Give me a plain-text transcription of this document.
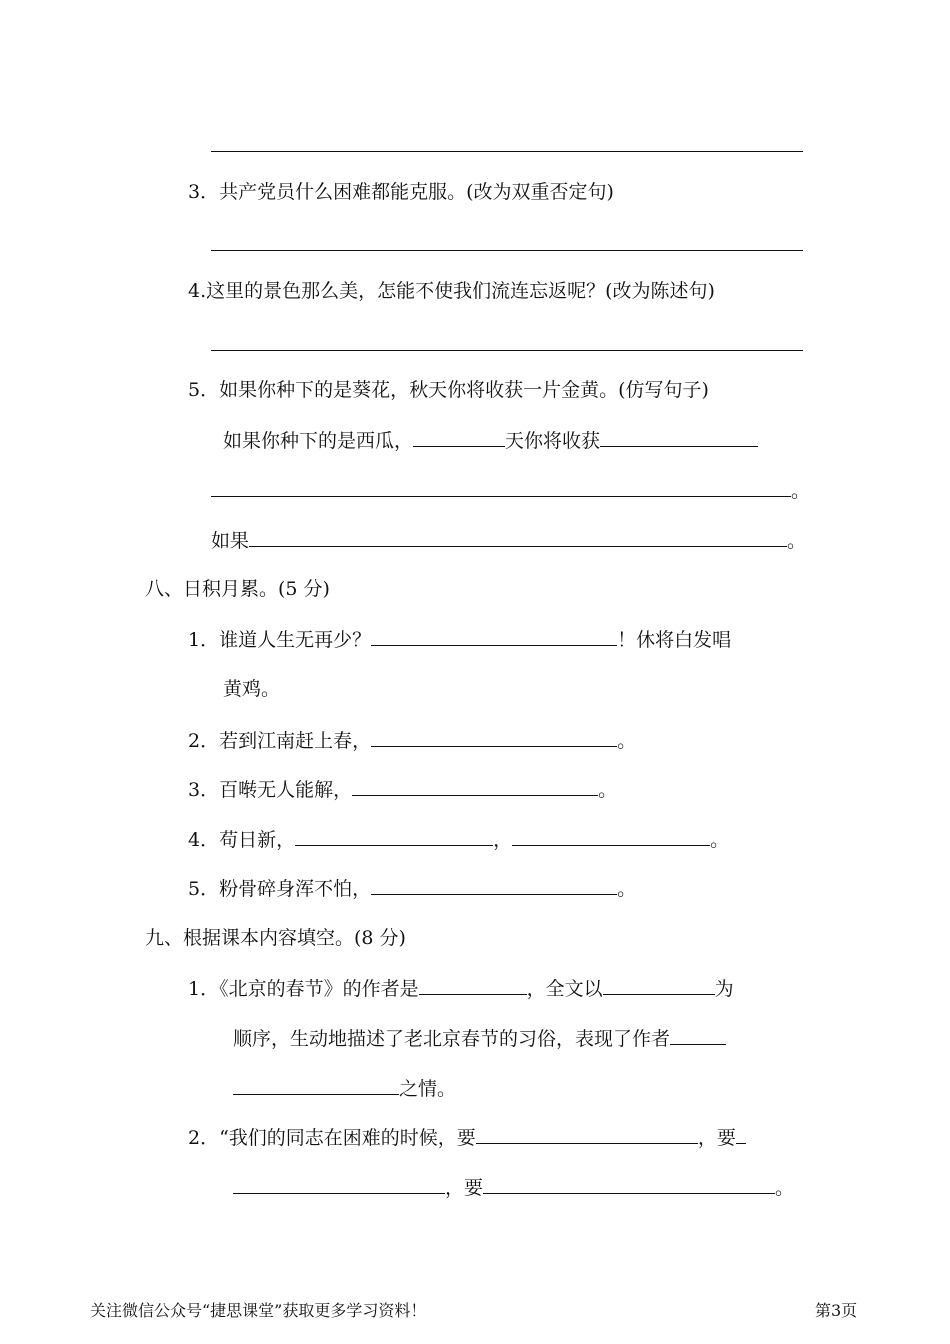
3．共产党员什么困难都能克服。(改为双重否定句)
4.这里的景色那么美，怎能不使我们流连忘返呢？(改为陈述句)
5．如果你种下的是葵花，秋天你将收获一片金黄。(仿写句子)
如果你种下的是西瓜，	天你将收获
。
如果	。
八、日积月累。(5 分)
1．谁道人生无再少？	！休将白发唱
黄鸡。
2．若到江南赶上春，	。
3．百啭无人能解，	。
4．苟日新，	，	。
5．粉骨碎身浑不怕，	。
九、根据课本内容填空。(8 分)
1．《北京的春节》的作者是	，全文以	为
顺序，生动地描述了老北京春节的习俗，表现了作者
之情。
2．“我们的同志在困难的时候，要	，要
，要	。
关注微信公众号“捷思课堂”获取更多学习资料！	第3页
